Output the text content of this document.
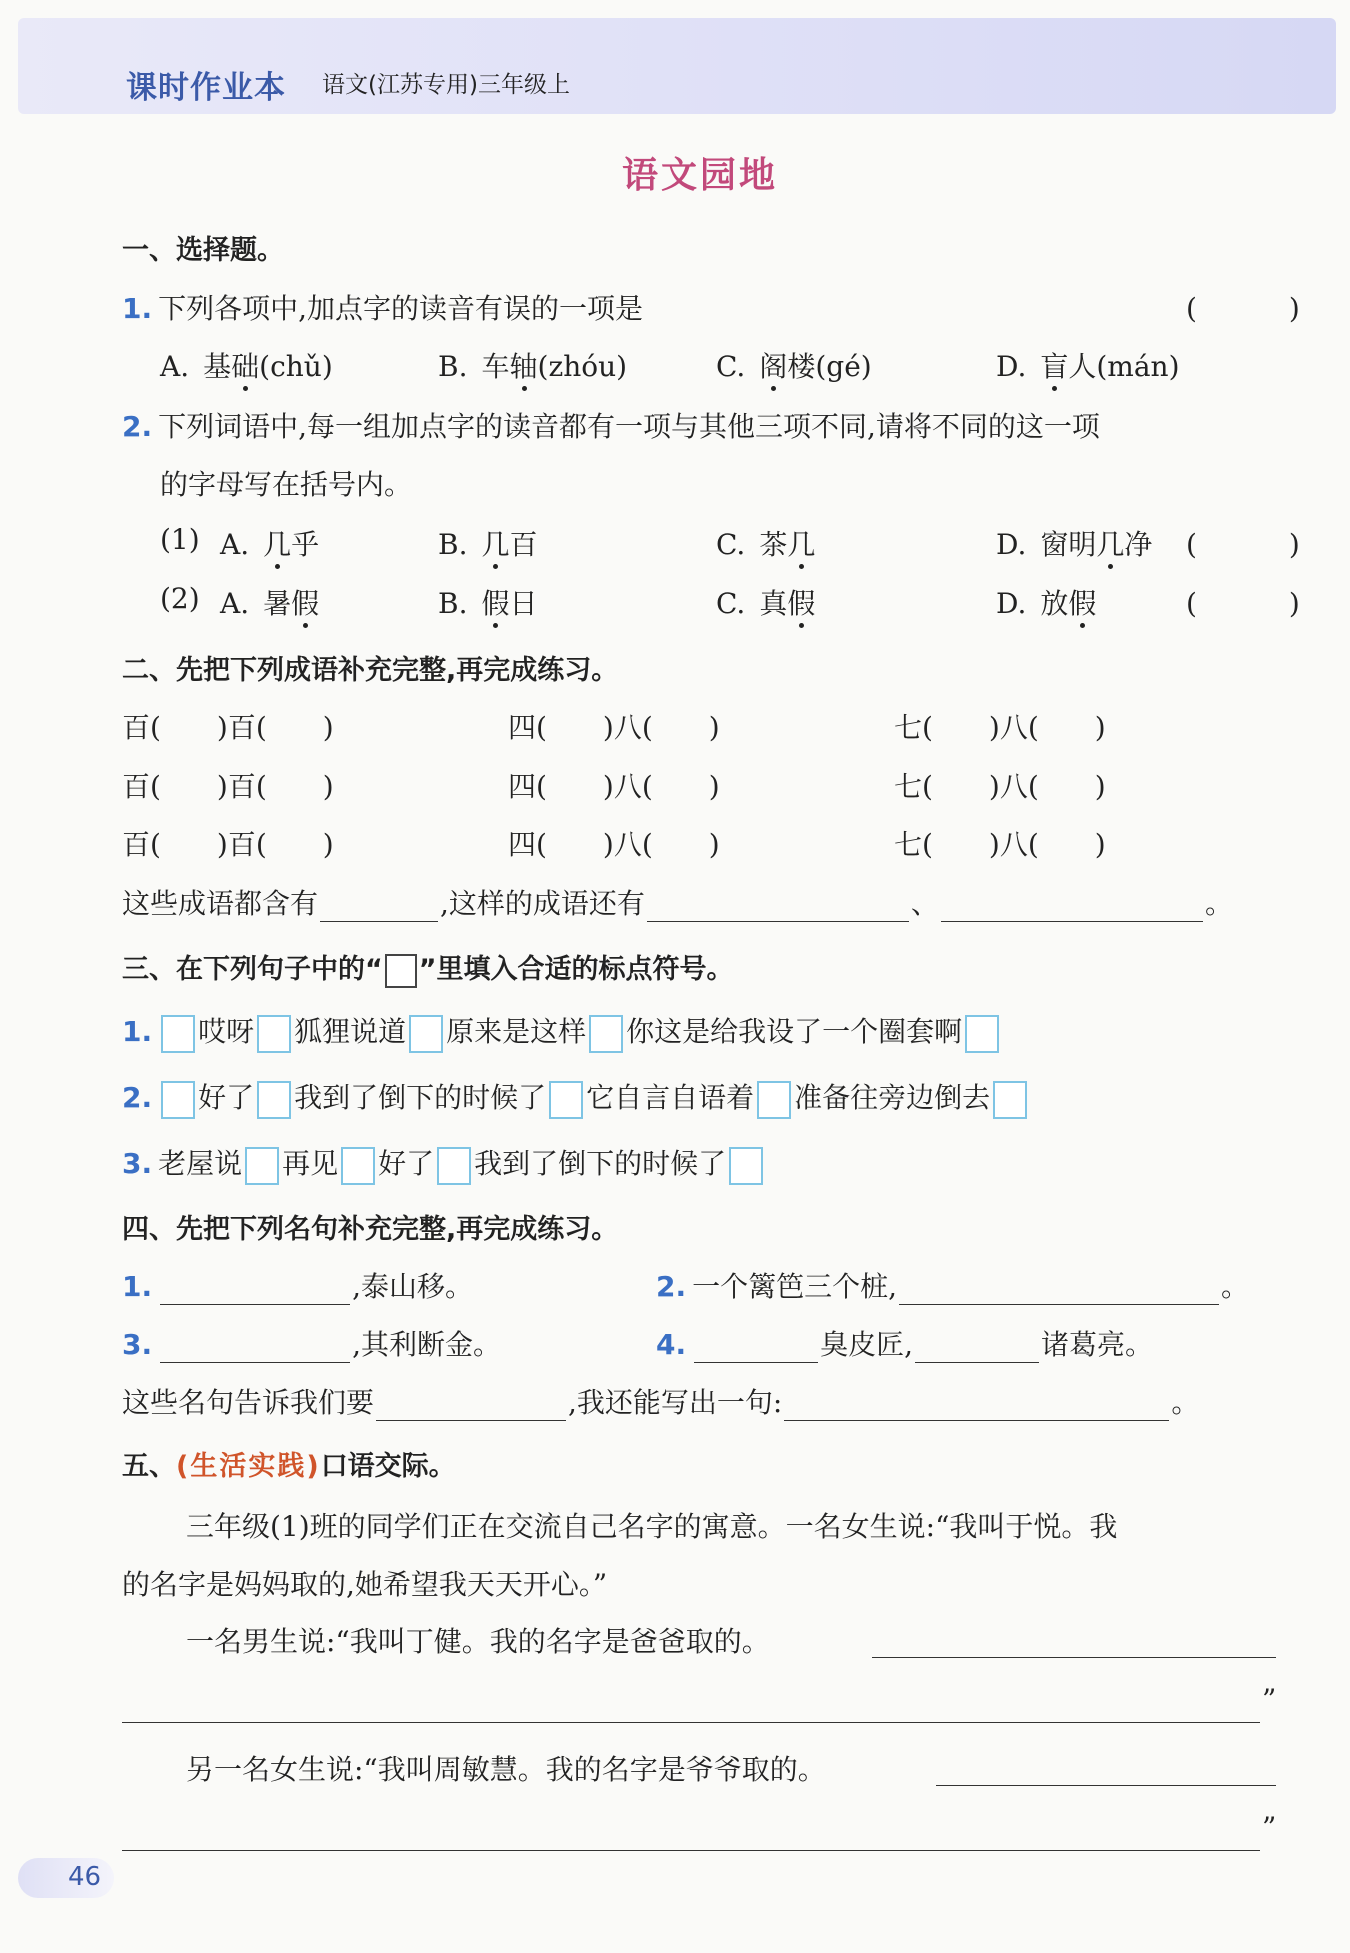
课时作业本 语文(江苏专用)三年级上
语文园地
一、选择题。
1. 下列各项中,加点字的读音有误的一项是	(　)
A. 基础(chǔ)	B. 车轴(zhóu)	C. 阁楼(gé)	D. 盲人(mán)
2. 下列词语中,每一组加点字的读音都有一项与其他三项不同,请将不同的这一项
的字母写在括号内。
(1) A. 几乎	B. 几百	C. 茶几	D. 窗明几净 (　)
(2) A. 暑假	B. 假日	C. 真假	D. 放假	(　)
二、先把下列成语补充完整,再完成练习。
百(　　)百(　　)	四(　　)八(　　)	七(　　)八(　　)
百(　　)百(　　)	四(　　)八(　　)	七(　　)八(　　)
百(　　)百(　　)	四(　　)八(　　)	七(　　)八(　　)
这些成语都含有	,这样的成语还有	、	。
三、在下列句子中的“ ”里填入合适的标点符号。
1. 哎呀 狐狸说道 原来是这样 你这是给我设了一个圈套啊
2. 好了 我到了倒下的时候了 它自言自语着 准备往旁边倒去
3. 老屋说 再见 好了 我到了倒下的时候了
四、先把下列名句补充完整,再完成练习。
1.	,泰山移。	2. 一个篱笆三个桩,	。
3.	,其利断金。	4.	臭皮匠,	诸葛亮。
这些名句告诉我们要	,我还能写出一句:	。
五、(生活实践)口语交际。
三年级(1)班的同学们正在交流自己名字的寓意。一名女生说:“我叫于悦。我
的名字是妈妈取的,她希望我天天开心。”
一名男生说:“我叫丁健。我的名字是爸爸取的。
”
另一名女生说:“我叫周敏慧。我的名字是爷爷取的。
”
46
